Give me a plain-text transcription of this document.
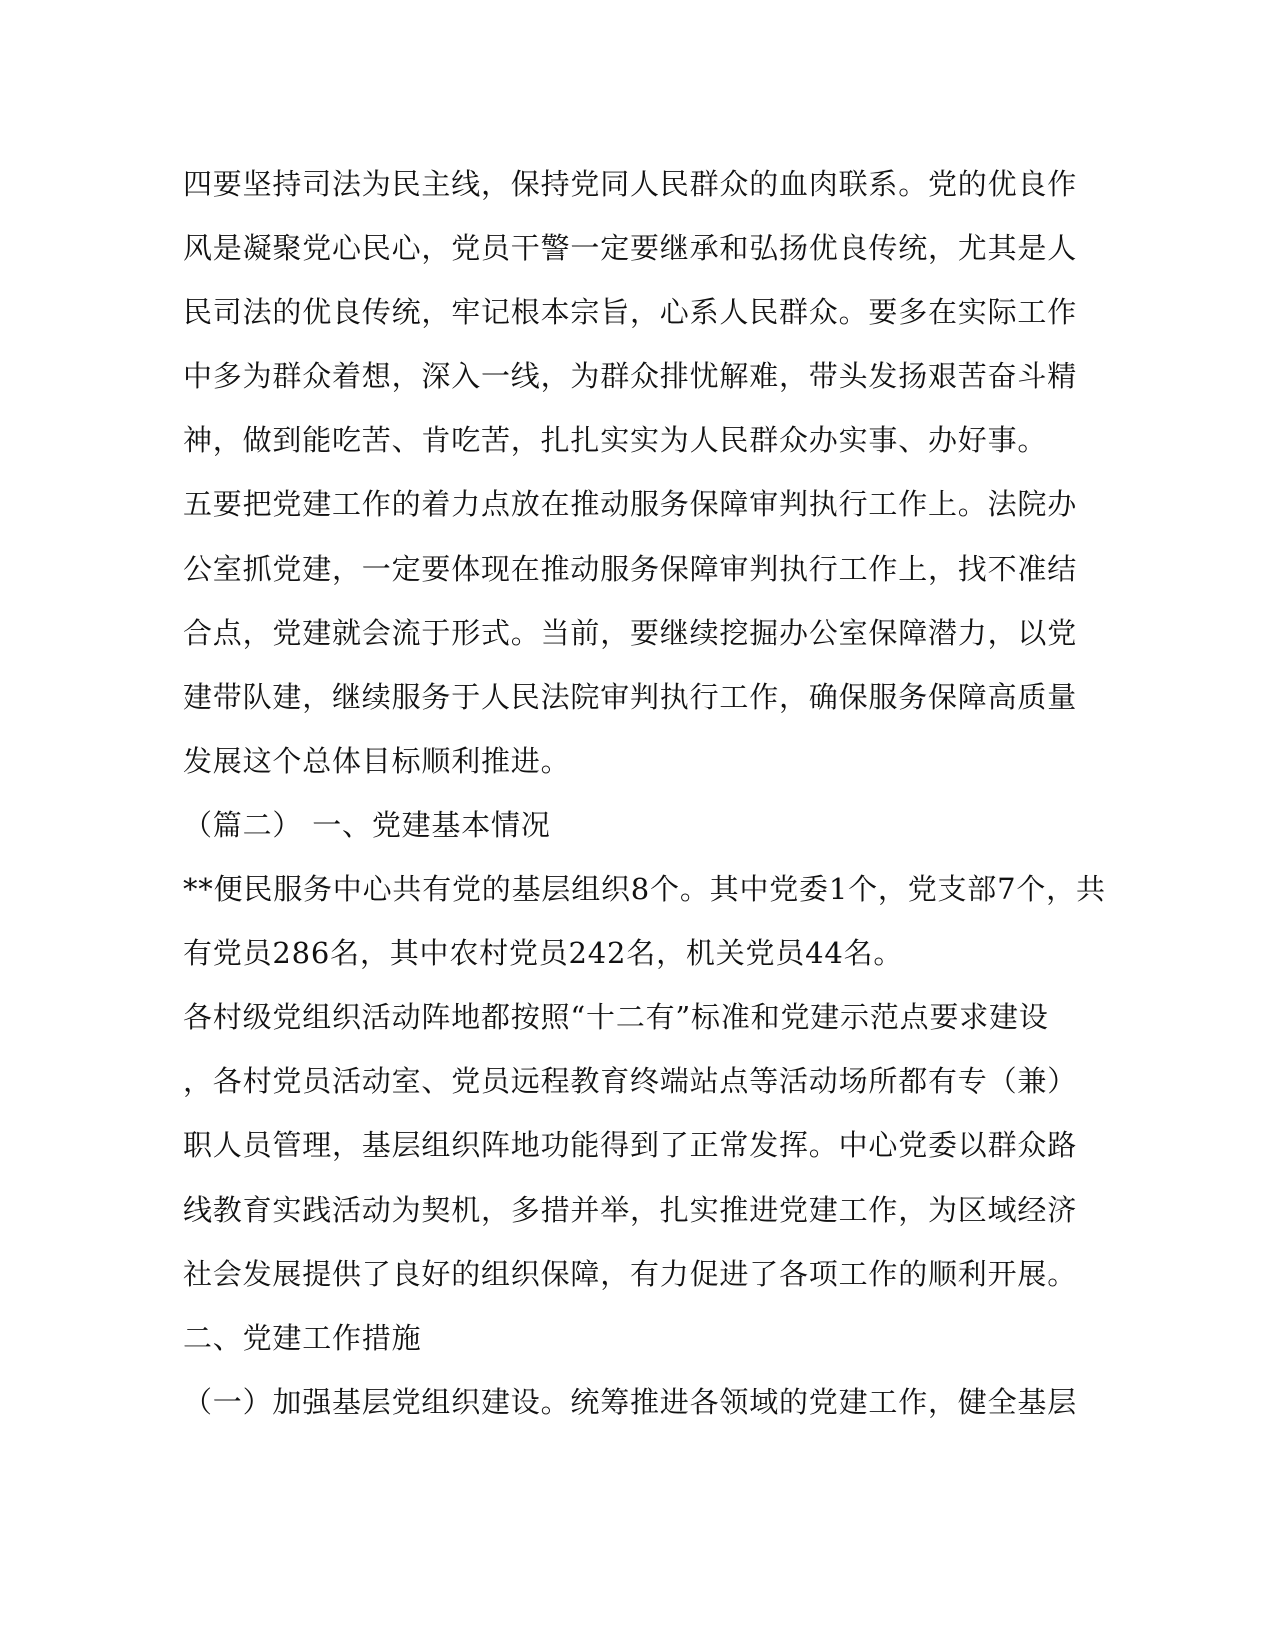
四要坚持司法为民主线，保持党同人民群众的血肉联系。党的优良作
风是凝聚党心民心，党员干警一定要继承和弘扬优良传统，尤其是人
民司法的优良传统，牢记根本宗旨，心系人民群众。要多在实际工作
中多为群众着想，深入一线，为群众排忧解难，带头发扬艰苦奋斗精
神，做到能吃苦、肯吃苦，扎扎实实为人民群众办实事、办好事。
五要把党建工作的着力点放在推动服务保障审判执行工作上。法院办
公室抓党建，一定要体现在推动服务保障审判执行工作上，找不准结
合点，党建就会流于形式。当前，要继续挖掘办公室保障潜力，以党
建带队建，继续服务于人民法院审判执行工作，确保服务保障高质量
发展这个总体目标顺利推进。
（篇二） 一、党建基本情况
**便民服务中心共有党的基层组织8个。其中党委1个，党支部7个，共
有党员286名，其中农村党员242名，机关党员44名。
各村级党组织活动阵地都按照“十二有”标准和党建示范点要求建设
，各村党员活动室、党员远程教育终端站点等活动场所都有专（兼）
职人员管理，基层组织阵地功能得到了正常发挥。中心党委以群众路
线教育实践活动为契机，多措并举，扎实推进党建工作，为区域经济
社会发展提供了良好的组织保障，有力促进了各项工作的顺利开展。
二、党建工作措施
（一）加强基层党组织建设。统筹推进各领域的党建工作，健全基层
